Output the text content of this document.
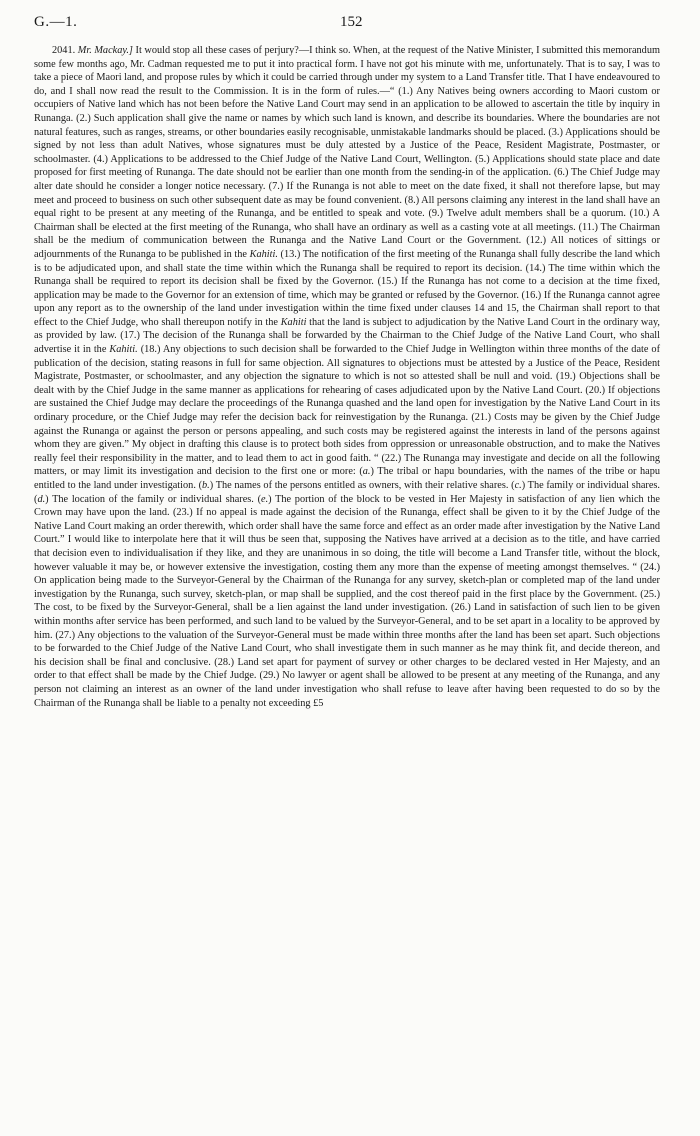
G.—1.	152

2041. Mr. Mackay.] It would stop all these cases of perjury?—I think so. When, at the request of the Native Minister, I submitted this memorandum some few months ago, Mr. Cadman requested me to put it into practical form. I have not got his minute with me, unfortunately. That is to say, I was to take a piece of Maori land, and propose rules by which it could be carried through under my system to a Land Transfer title. That I have endeavoured to do, and I shall now read the result to the Commission. It is in the form of rules.—“ (1.) Any Natives being owners according to Maori custom or occupiers of Native land which has not been before the Native Land Court may send in an application to be allowed to ascertain the title by inquiry in Runanga. (2.) Such application shall give the name or names by which such land is known, and describe its boundaries. Where the boundaries are not natural features, such as ranges, streams, or other boundaries easily recognisable, unmistakable landmarks should be placed. (3.) Applications should be signed by not less than adult Natives, whose signatures must be duly attested by a Justice of the Peace, Resident Magistrate, Postmaster, or schoolmaster. (4.) Applications to be addressed to the Chief Judge of the Native Land Court, Wellington. (5.) Applications should state place and date proposed for first meeting of Runanga. The date should not be earlier than one month from the sending-in of the application. (6.) The Chief Judge may alter date should he consider a longer notice necessary. (7.) If the Runanga is not able to meet on the date fixed, it shall not therefore lapse, but may meet and proceed to business on such other subsequent date as may be found convenient. (8.) All persons claiming any interest in the land shall have an equal right to be present at any meeting of the Runanga, and be entitled to speak and vote. (9.) Twelve adult members shall be a quorum. (10.) A Chairman shall be elected at the first meeting of the Runanga, who shall have an ordinary as well as a casting vote at all meetings. (11.) The Chairman shall be the medium of communication between the Runanga and the Native Land Court or the Government. (12.) All notices of sittings or adjournments of the Runanga to be published in the Kahiti. (13.) The notification of the first meeting of the Runanga shall fully describe the land which is to be adjudicated upon, and shall state the time within which the Runanga shall be required to report its decision. (14.) The time within which the Runanga shall be required to report its decision shall be fixed by the Governor. (15.) If the Runanga has not come to a decision at the time fixed, application may be made to the Governor for an extension of time, which may be granted or refused by the Governor. (16.) If the Runanga cannot agree upon any report as to the ownership of the land under investigation within the time fixed under clauses 14 and 15, the Chairman shall report to that effect to the Chief Judge, who shall thereupon notify in the Kahiti that the land is subject to adjudication by the Native Land Court in the ordinary way, as provided by law. (17.) The decision of the Runanga shall be forwarded by the Chairman to the Chief Judge of the Native Land Court, who shall advertise it in the Kahiti. (18.) Any objections to such decision shall be forwarded to the Chief Judge in Wellington within three months of the date of publication of the decision, stating reasons in full for same objection. All signatures to objections must be attested by a Justice of the Peace, Resident Magistrate, Postmaster, or schoolmaster, and any objection the signature to which is not so attested shall be null and void. (19.) Objections shall be dealt with by the Chief Judge in the same manner as applications for rehearing of cases adjudicated upon by the Native Land Court. (20.) If objections are sustained the Chief Judge may declare the proceedings of the Runanga quashed and the land open for investigation by the Native Land Court in its ordinary procedure, or the Chief Judge may refer the decision back for reinvestigation by the Runanga. (21.) Costs may be given by the Chief Judge against the Runanga or against the person or persons appealing, and such costs may be registered against the interests in land of the persons against whom they are given.” My object in drafting this clause is to protect both sides from oppression or unreasonable obstruction, and to make the Natives really feel their responsibility in the matter, and to lead them to act in good faith. “ (22.) The Runanga may investigate and decide on all the following matters, or may limit its investigation and decision to the first one or more: (a.) The tribal or hapu boundaries, with the names of the tribe or hapu entitled to the land under investigation. (b.) The names of the persons entitled as owners, with their relative shares. (c.) The family or individual shares. (d.) The location of the family or individual shares. (e.) The portion of the block to be vested in Her Majesty in satisfaction of any lien which the Crown may have upon the land. (23.) If no appeal is made against the decision of the Runanga, effect shall be given to it by the Chief Judge of the Native Land Court making an order therewith, which order shall have the same force and effect as an order made after investigation by the Native Land Court.” I would like to interpolate here that it will thus be seen that, supposing the Natives have arrived at a decision as to the title, and have carried that decision even to individualisation if they like, and they are unanimous in so doing, the title will become a Land Transfer title, without the block, however valuable it may be, or however extensive the investigation, costing them any more than the expense of meeting amongst themselves. “ (24.) On application being made to the Surveyor-General by the Chairman of the Runanga for any survey, sketch-plan or completed map of the land under investigation by the Runanga, such survey, sketch-plan, or map shall be supplied, and the cost thereof paid in the first place by the Government. (25.) The cost, to be fixed by the Surveyor-General, shall be a lien against the land under investigation. (26.) Land in satisfaction of such lien to be given within months after service has been performed, and such land to be valued by the Surveyor-General, and to be set apart in a locality to be approved by him. (27.) Any objections to the valuation of the Surveyor-General must be made within three months after the land has been set apart. Such objections to be forwarded to the Chief Judge of the Native Land Court, who shall investigate them in such manner as he may think fit, and decide thereon, and his decision shall be final and conclusive. (28.) Land set apart for payment of survey or other charges to be declared vested in Her Majesty, and an order to that effect shall be made by the Chief Judge. (29.) No lawyer or agent shall be allowed to be present at any meeting of the Runanga, and any person not claiming an interest as an owner of the land under investigation who shall refuse to leave after having been requested to do so by the Chairman of the Runanga shall be liable to a penalty not exceeding £5
